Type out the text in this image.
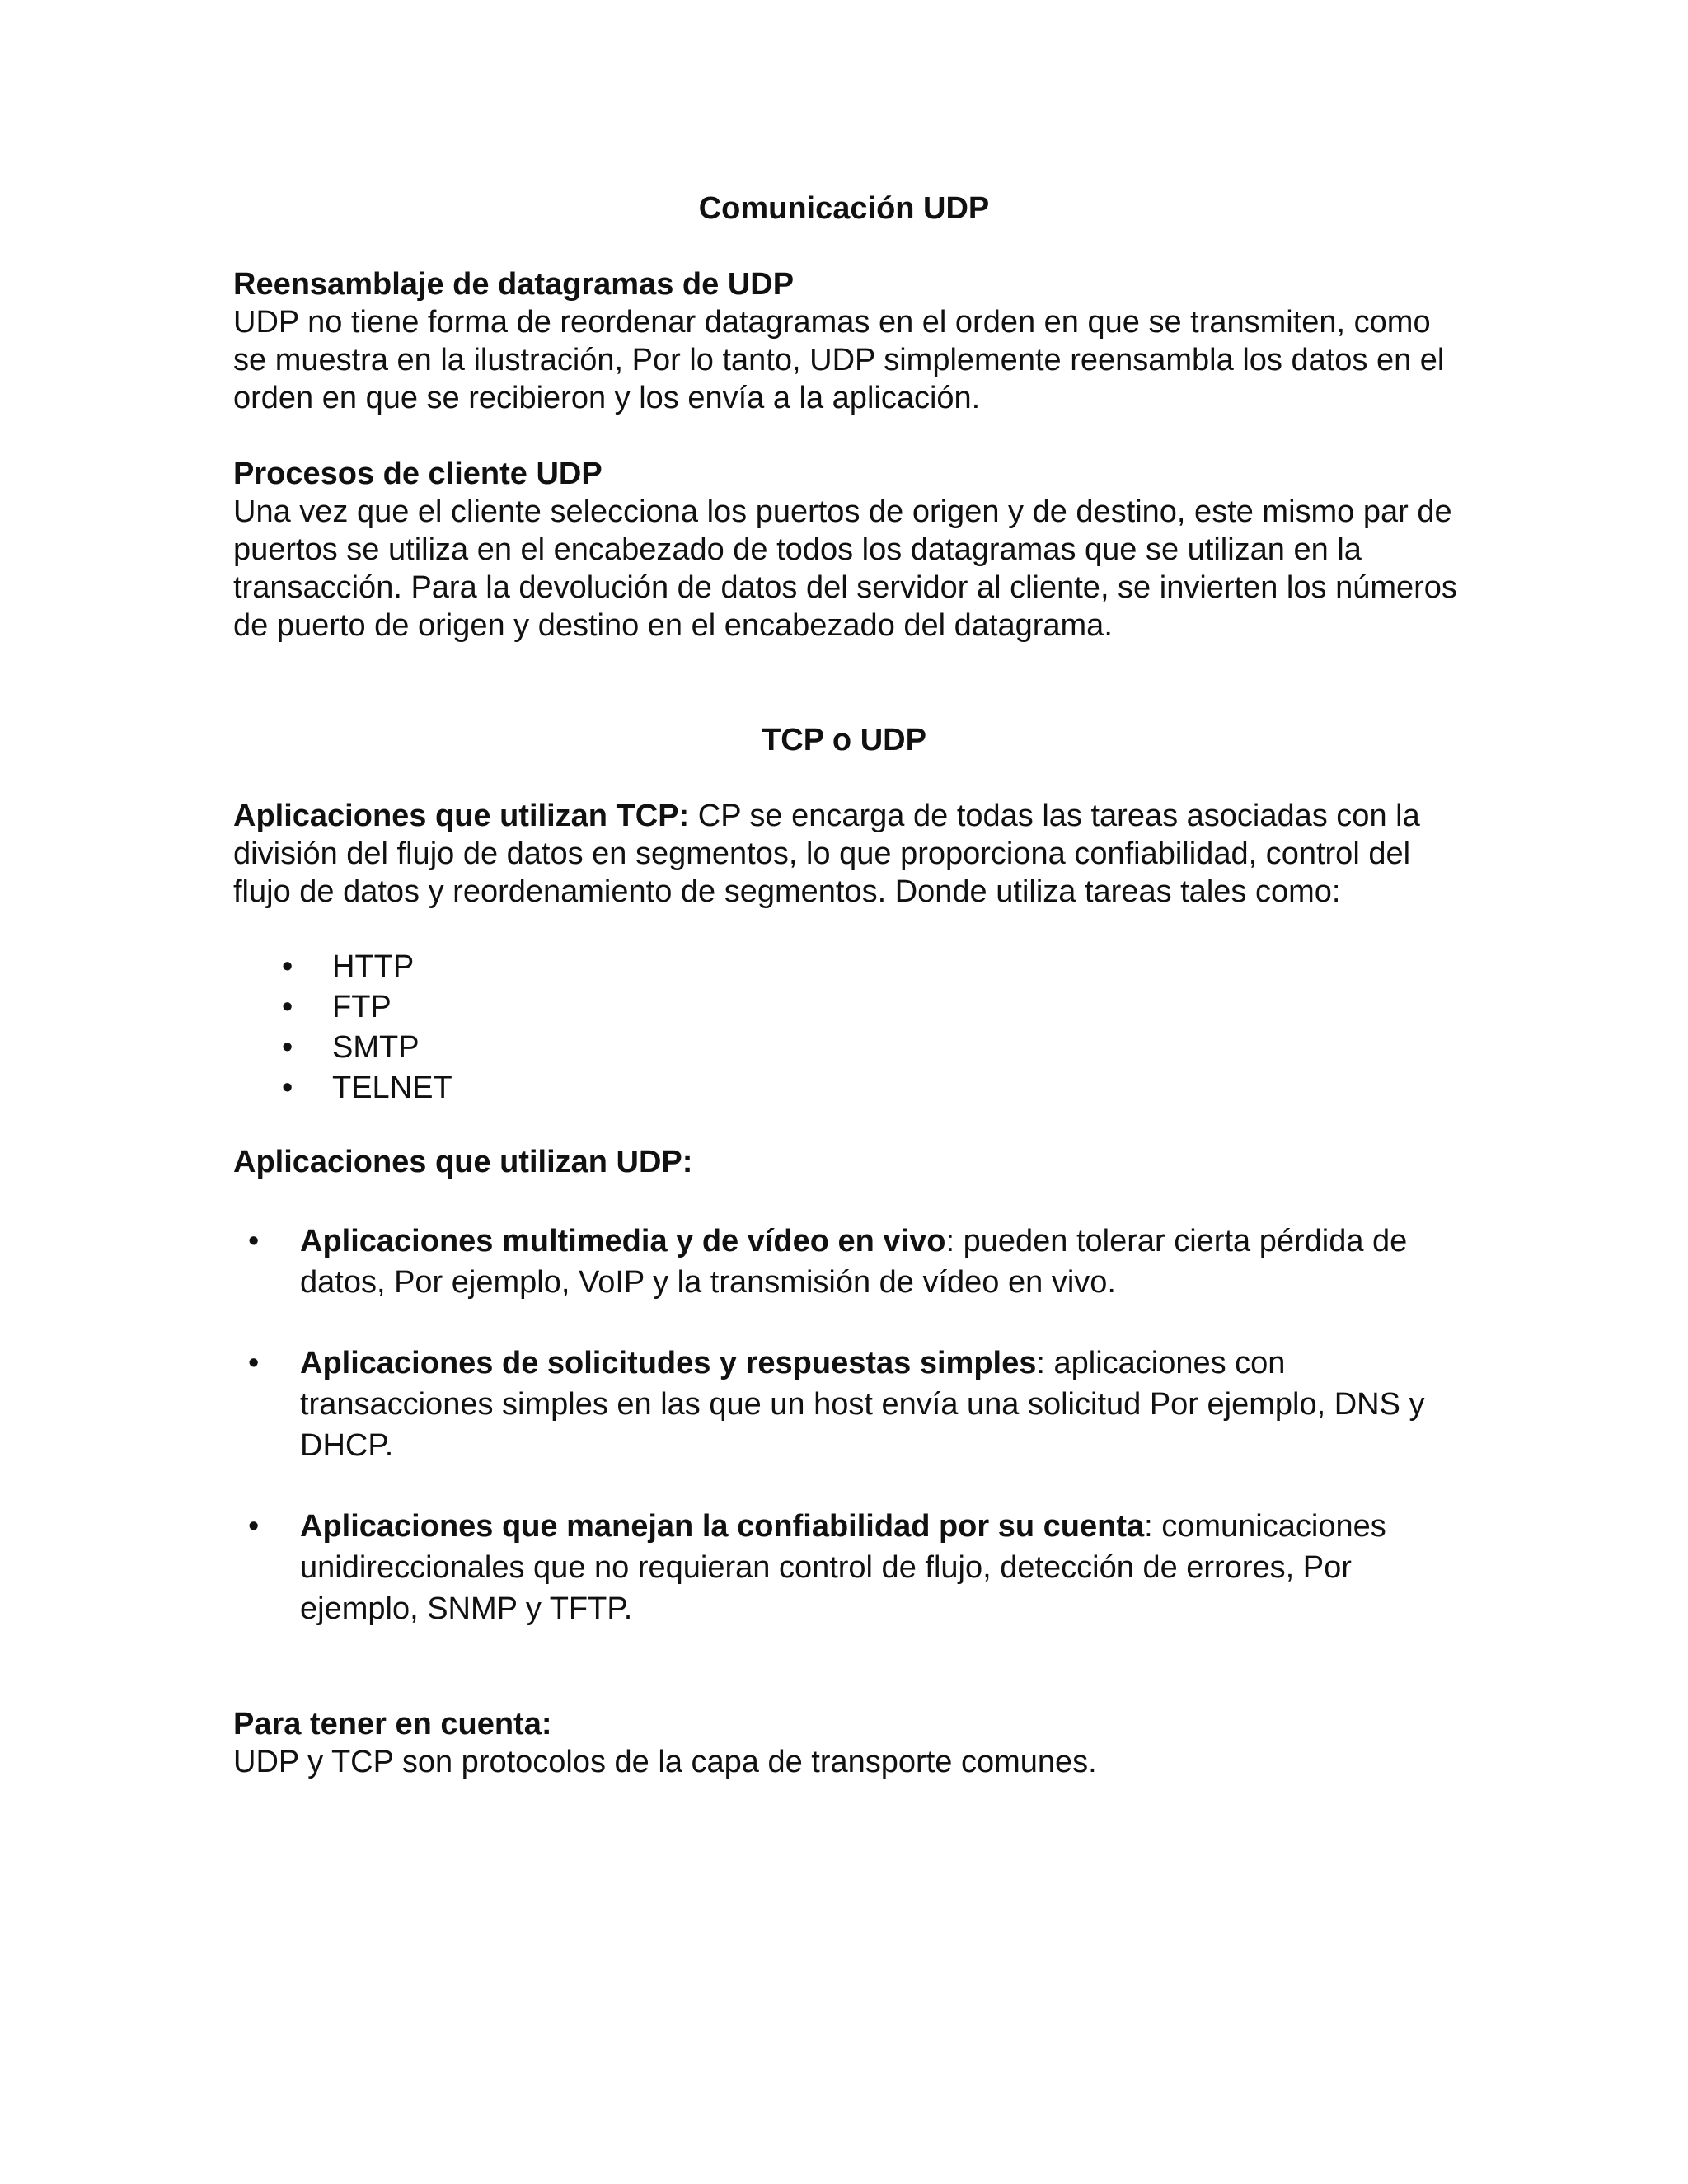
Comunicación UDP

Reensamblaje de datagramas de UDP

UDP no tiene forma de reordenar datagramas en el orden en que se transmiten, como se muestra en la ilustración, Por lo tanto, UDP simplemente reensambla los datos en el orden en que se recibieron y los envía a la aplicación.

Procesos de cliente UDP

Una vez que el cliente selecciona los puertos de origen y de destino, este mismo par de puertos se utiliza en el encabezado de todos los datagramas que se utilizan en la transacción. Para la devolución de datos del servidor al cliente, se invierten los números de puerto de origen y destino en el encabezado del datagrama.

TCP o UDP

Aplicaciones que utilizan TCP: CP se encarga de todas las tareas asociadas con la división del flujo de datos en segmentos, lo que proporciona confiabilidad, control del flujo de datos y reordenamiento de segmentos. Donde utiliza tareas tales como:

• HTTP
• FTP
• SMTP
• TELNET

Aplicaciones que utilizan UDP:

• Aplicaciones multimedia y de vídeo en vivo: pueden tolerar cierta pérdida de datos, Por ejemplo, VoIP y la transmisión de vídeo en vivo.
• Aplicaciones de solicitudes y respuestas simples: aplicaciones con transacciones simples en las que un host envía una solicitud Por ejemplo, DNS y DHCP.
• Aplicaciones que manejan la confiabilidad por su cuenta: comunicaciones unidireccionales que no requieran control de flujo, detección de errores, Por ejemplo, SNMP y TFTP.

Para tener en cuenta:

UDP y TCP son protocolos de la capa de transporte comunes.
